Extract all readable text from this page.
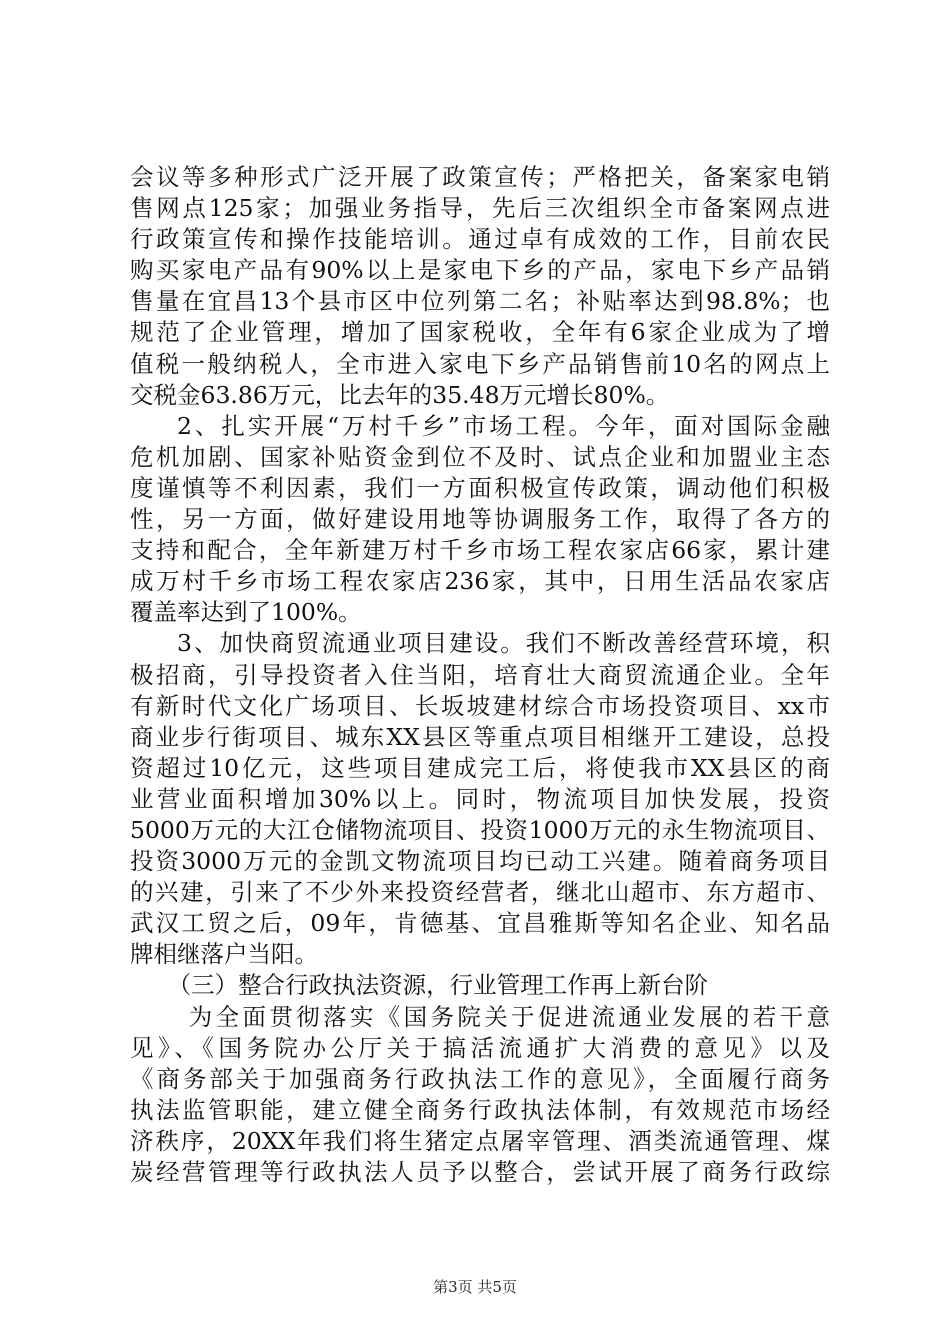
会议等多种形式广泛开展了政策宣传；严格把关，备案家电销
售网点125家；加强业务指导，先后三次组织全市备案网点进
行政策宣传和操作技能培训。通过卓有成效的工作，目前农民
购买家电产品有90%以上是家电下乡的产品，家电下乡产品销
售量在宜昌13个县市区中位列第二名；补贴率达到98.8%；也
规范了企业管理，增加了国家税收，全年有6家企业成为了增
值税一般纳税人，全市进入家电下乡产品销售前10名的网点上
交税金63.86万元，比去年的35.48万元增长80%。
2、扎实开展“万村千乡”市场工程。今年，面对国际金融
危机加剧、国家补贴资金到位不及时、试点企业和加盟业主态
度谨慎等不利因素，我们一方面积极宣传政策，调动他们积极
性，另一方面，做好建设用地等协调服务工作，取得了各方的
支持和配合，全年新建万村千乡市场工程农家店66家，累计建
成万村千乡市场工程农家店236家，其中，日用生活品农家店
覆盖率达到了100%。
3、加快商贸流通业项目建设。我们不断改善经营环境，积
极招商，引导投资者入住当阳，培育壮大商贸流通企业。全年
有新时代文化广场项目、长坂坡建材综合市场投资项目、xx市
商业步行街项目、城东XX县区等重点项目相继开工建设，总投
资超过10亿元，这些项目建成完工后，将使我市XX县区的商
业营业面积增加30%以上。同时，物流项目加快发展，投资
5000万元的大江仓储物流项目、投资1000万元的永生物流项目、
投资3000万元的金凯文物流项目均已动工兴建。随着商务项目
的兴建，引来了不少外来投资经营者，继北山超市、东方超市、
武汉工贸之后，09年，肯德基、宜昌雅斯等知名企业、知名品
牌相继落户当阳。
（三）整合行政执法资源，行业管理工作再上新台阶
为全面贯彻落实《国务院关于促进流通业发展的若干意
见》、《国务院办公厅关于搞活流通扩大消费的意见》以及
《商务部关于加强商务行政执法工作的意见》，全面履行商务
执法监管职能，建立健全商务行政执法体制，有效规范市场经
济秩序，20XX年我们将生猪定点屠宰管理、酒类流通管理、煤
炭经营管理等行政执法人员予以整合，尝试开展了商务行政综
第3页 共5页
